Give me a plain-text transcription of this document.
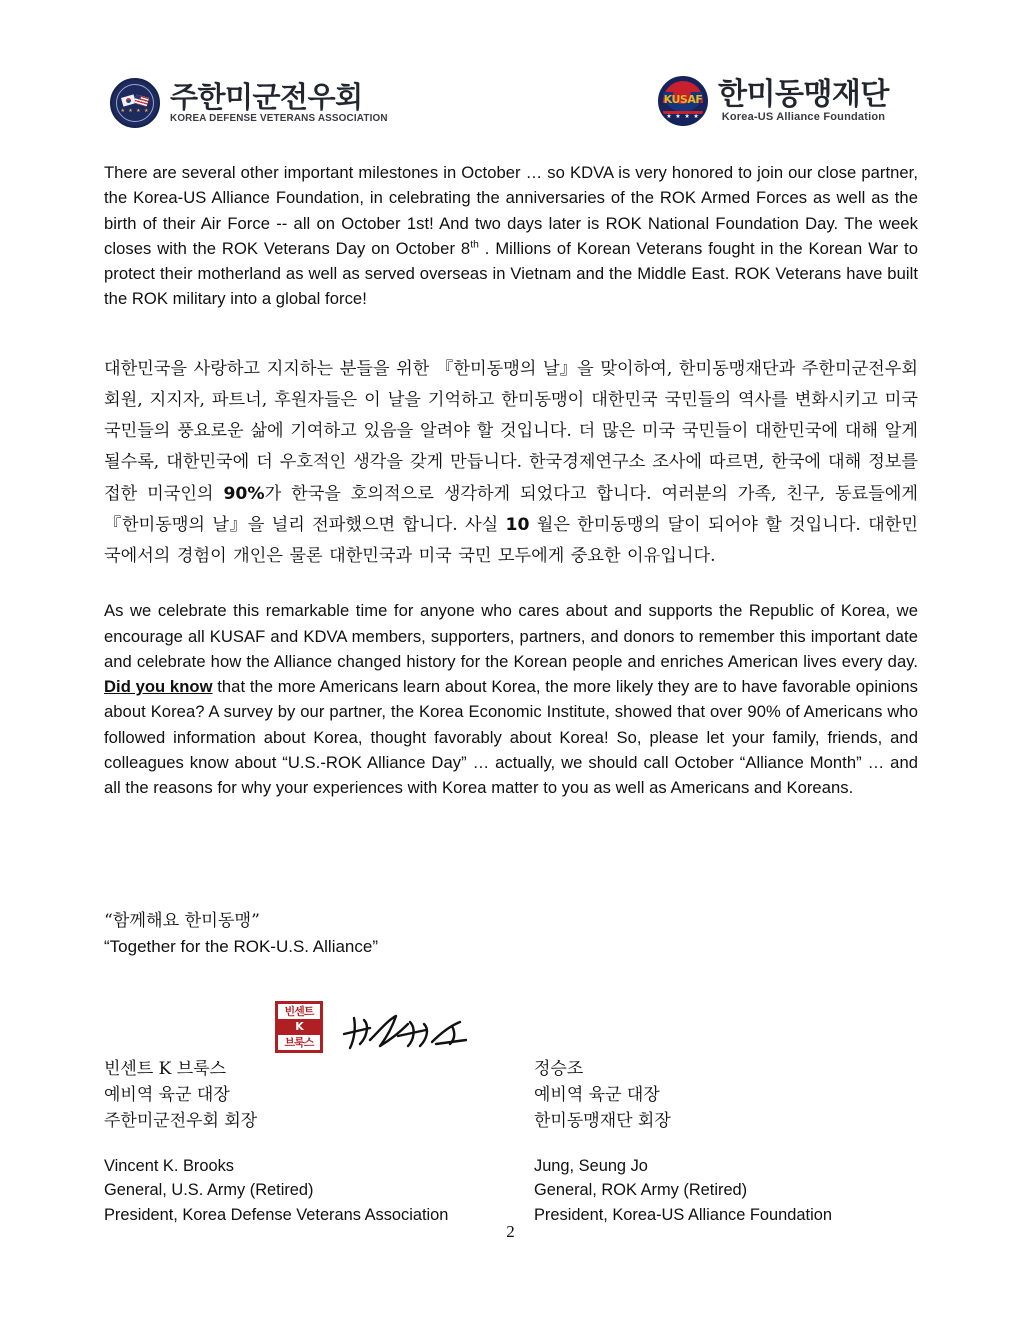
★ ★ ★ ★ 주한미군전우회
KOREA DEFENSE VETERANS ASSOCIATION
KUSAF
★ ★ ★ ★
한미동맹재단
Korea-US Alliance Foundation

There are several other important milestones in October … so KDVA is very honored to join our close partner, the Korea-US Alliance Foundation, in celebrating the anniversaries of the ROK Armed Forces as well as the birth of their Air Force -- all on October 1st! And two days later is ROK National Foundation Day. The week closes with the ROK Veterans Day on October 8th . Millions of Korean Veterans fought in the Korean War to protect their motherland as well as served overseas in Vietnam and the Middle East. ROK Veterans have built the ROK military into a global force!

대한민국을 사랑하고 지지하는 분들을 위한 『한미동맹의 날』을 맞이하여, 한미동맹재단과 주한미군전우회 회원, 지지자, 파트너, 후원자들은 이 날을 기억하고 한미동맹이 대한민국 국민들의 역사를 변화시키고 미국 국민들의 풍요로운 삶에 기여하고 있음을 알려야 할 것입니다. 더 많은 미국 국민들이 대한민국에 대해 알게 될수록, 대한민국에 더 우호적인 생각을 갖게 만듭니다. 한국경제연구소 조사에 따르면, 한국에 대해 정보를 접한 미국인의 90%가 한국을 호의적으로 생각하게 되었다고 합니다. 여러분의 가족, 친구, 동료들에게 『한미동맹의 날』을 널리 전파했으면 합니다. 사실 10 월은 한미동맹의 달이 되어야 할 것입니다. 대한민국에서의 경험이 개인은 물론 대한민국과 미국 국민 모두에게 중요한 이유입니다.

As we celebrate this remarkable time for anyone who cares about and supports the Republic of Korea, we encourage all KUSAF and KDVA members, supporters, partners, and donors to remember this important date and celebrate how the Alliance changed history for the Korean people and enriches American lives every day. Did you know that the more Americans learn about Korea, the more likely they are to have favorable opinions about Korea? A survey by our partner, the Korea Economic Institute, showed that over 90% of Americans who followed information about Korea, thought favorably about Korea! So, please let your family, friends, and colleagues know about “U.S.-ROK Alliance Day” … actually, we should call October “Alliance Month” … and all the reasons for why your experiences with Korea matter to you as well as Americans and Koreans.

“함께해요 한미동맹”
“Together for the ROK-U.S. Alliance”
빈센트
K
브룩스
빈센트 K 브룩스
예비역 육군 대장
주한미군전우회 회장
Vincent K. Brooks
General, U.S. Army (Retired)
President, Korea Defense Veterans Association
정승조
예비역 육군 대장
한미동맹재단 회장
Jung, Seung Jo
General, ROK Army (Retired)
President, Korea-US Alliance Foundation
2
